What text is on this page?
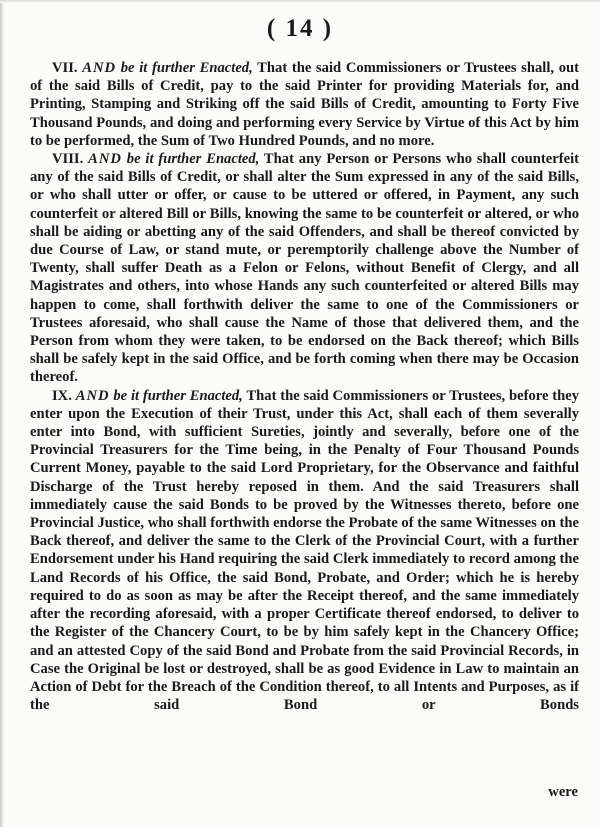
( 14 )

VII. AND be it further Enacted, That the said Commissioners or Trustees shall, out of the said Bills of Credit, pay to the said Printer for providing Materials for, and Printing, Stamping and Striking off the said Bills of Credit, amounting to Forty Five Thousand Pounds, and doing and performing every Service by Virtue of this Act by him to be performed, the Sum of Two Hundred Pounds, and no more.

VIII. AND be it further Enacted, That any Person or Persons who shall counterfeit any of the said Bills of Credit, or shall alter the Sum expressed in any of the said Bills, or who shall utter or offer, or cause to be uttered or offered, in Payment, any such counterfeit or altered Bill or Bills, knowing the same to be counterfeit or altered, or who shall be aiding or abetting any of the said Offenders, and shall be thereof convicted by due Course of Law, or stand mute, or peremptorily challenge above the Number of Twenty, shall suffer Death as a Felon or Felons, without Benefit of Clergy, and all Magistrates and others, into whose Hands any such counterfeited or altered Bills may happen to come, shall forthwith deliver the same to one of the Commissioners or Trustees aforesaid, who shall cause the Name of those that delivered them, and the Person from whom they were taken, to be endorsed on the Back thereof; which Bills shall be safely kept in the said Office, and be forth coming when there may be Occasion thereof.

IX. AND be it further Enacted, That the said Commissioners or Trustees, before they enter upon the Execution of their Trust, under this Act, shall each of them severally enter into Bond, with sufficient Sureties, jointly and severally, before one of the Provincial Treasurers for the Time being, in the Penalty of Four Thousand Pounds Current Money, payable to the said Lord Proprietary, for the Observance and faithful Discharge of the Trust hereby reposed in them. And the said Treasurers shall immediately cause the said Bonds to be proved by the Witnesses thereto, before one Provincial Justice, who shall forthwith endorse the Probate of the same Witnesses on the Back thereof, and deliver the same to the Clerk of the Provincial Court, with a further Endorsement under his Hand requiring the said Clerk immediately to record among the Land Records of his Office, the said Bond, Probate, and Order; which he is hereby required to do as soon as may be after the Receipt thereof, and the same immediately after the recording aforesaid, with a proper Certificate thereof endorsed, to deliver to the Register of the Chancery Court, to be by him safely kept in the Chancery Office; and an attested Copy of the said Bond and Probate from the said Provincial Records, in Case the Original be lost or destroyed, shall be as good Evidence in Law to maintain an Action of Debt for the Breach of the Condition thereof, to all Intents and Purposes, as if the said Bond or Bonds

were
